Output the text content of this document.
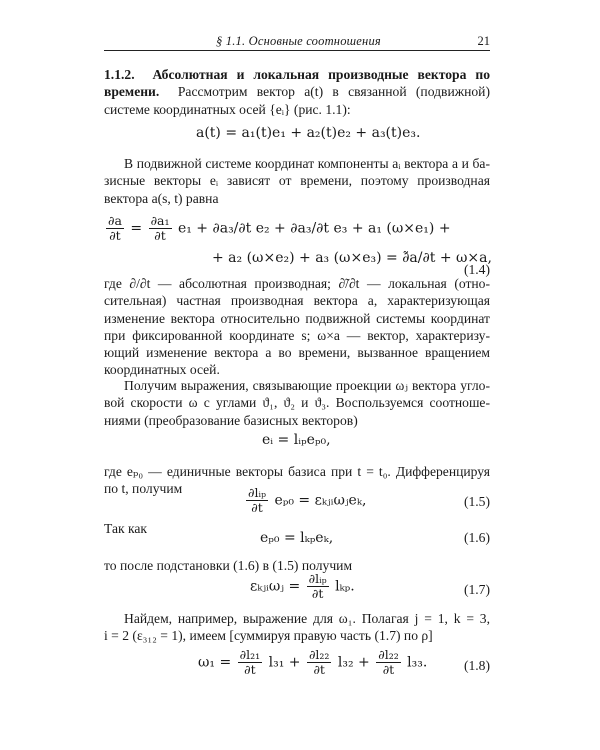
§ 1.1. Основные соотношения	21
1.1.2. Абсолютная и локальная производные вектора по
времени. Рассмотрим вектор a(t) в связанной (подвижной)
системе координатных осей {eᵢ} (рис. 1.1):
a(t) = a₁(t)e₁ + a₂(t)e₂ + a₃(t)e₃.
В подвижной системе координат компоненты aᵢ вектора a и ба-
зисные векторы eᵢ зависят от времени, поэтому производная
вектора a(s, t) равна
$\frac{\partial a}{\partial t} = \frac{\text{∂a₁}}{\partial t} e_1 + \partial a_3/\partial t$ e₂ + ∂a₃/∂t e₃ + a₁ (ω×e₁) +
+ a₂ (ω×e₂) + a₃ (ω×e₃) = ∂̃a/∂t + ω×a,
(1.4)
где ∂/∂t — абсолютная производная; ∂̃/∂t — локальная (отно-
сительная) частная производная вектора a, характеризующая
изменение вектора относительно подвижной системы координат
при фиксированной координате s; ω×a — вектор, характеризу-
ющий изменение вектора a во времени, вызванное вращением
координатных осей.
Получим выражения, связывающие проекции ωⱼ вектора угло-
вой скорости ω с углами ϑ₁, ϑ₂ и ϑ₃. Воспользуемся соотноше-
ниями (преобразование базисных векторов)
eᵢ = lᵢₚeₚ₀,
где eₚ₀ — единичные векторы базиса при t = t₀. Дифференцируя
по t, получим	$\frac{\text{∂lᵢₚ}}{\partial t} e_{p0}$ = εₖⱼᵢωⱼeₖ,	(1.5)
Так как
eₚ₀ = lₖₚeₖ,	(1.6)
то после подстановки (1.6) в (1.5) получим
εₖⱼᵢωⱼ = $\frac{\text{∂lᵢₚ}}{\partial t} l_{kp}$.	(1.7)
Найдем, например, выражение для ω₁. Полагая j = 1, k = 3,
i = 2 (ε₃₁₂ = 1), имеем [суммируя правую часть (1.7) по ρ]
$\omega_1 = \frac{\text{∂l₂₁}}{\partial t} l_{31} + \frac{\text{∂l₂₂}}{\partial t} l_{32} + \frac{\text{∂l₂₂}}{\partial t} l_{33}$.	(1.8)
